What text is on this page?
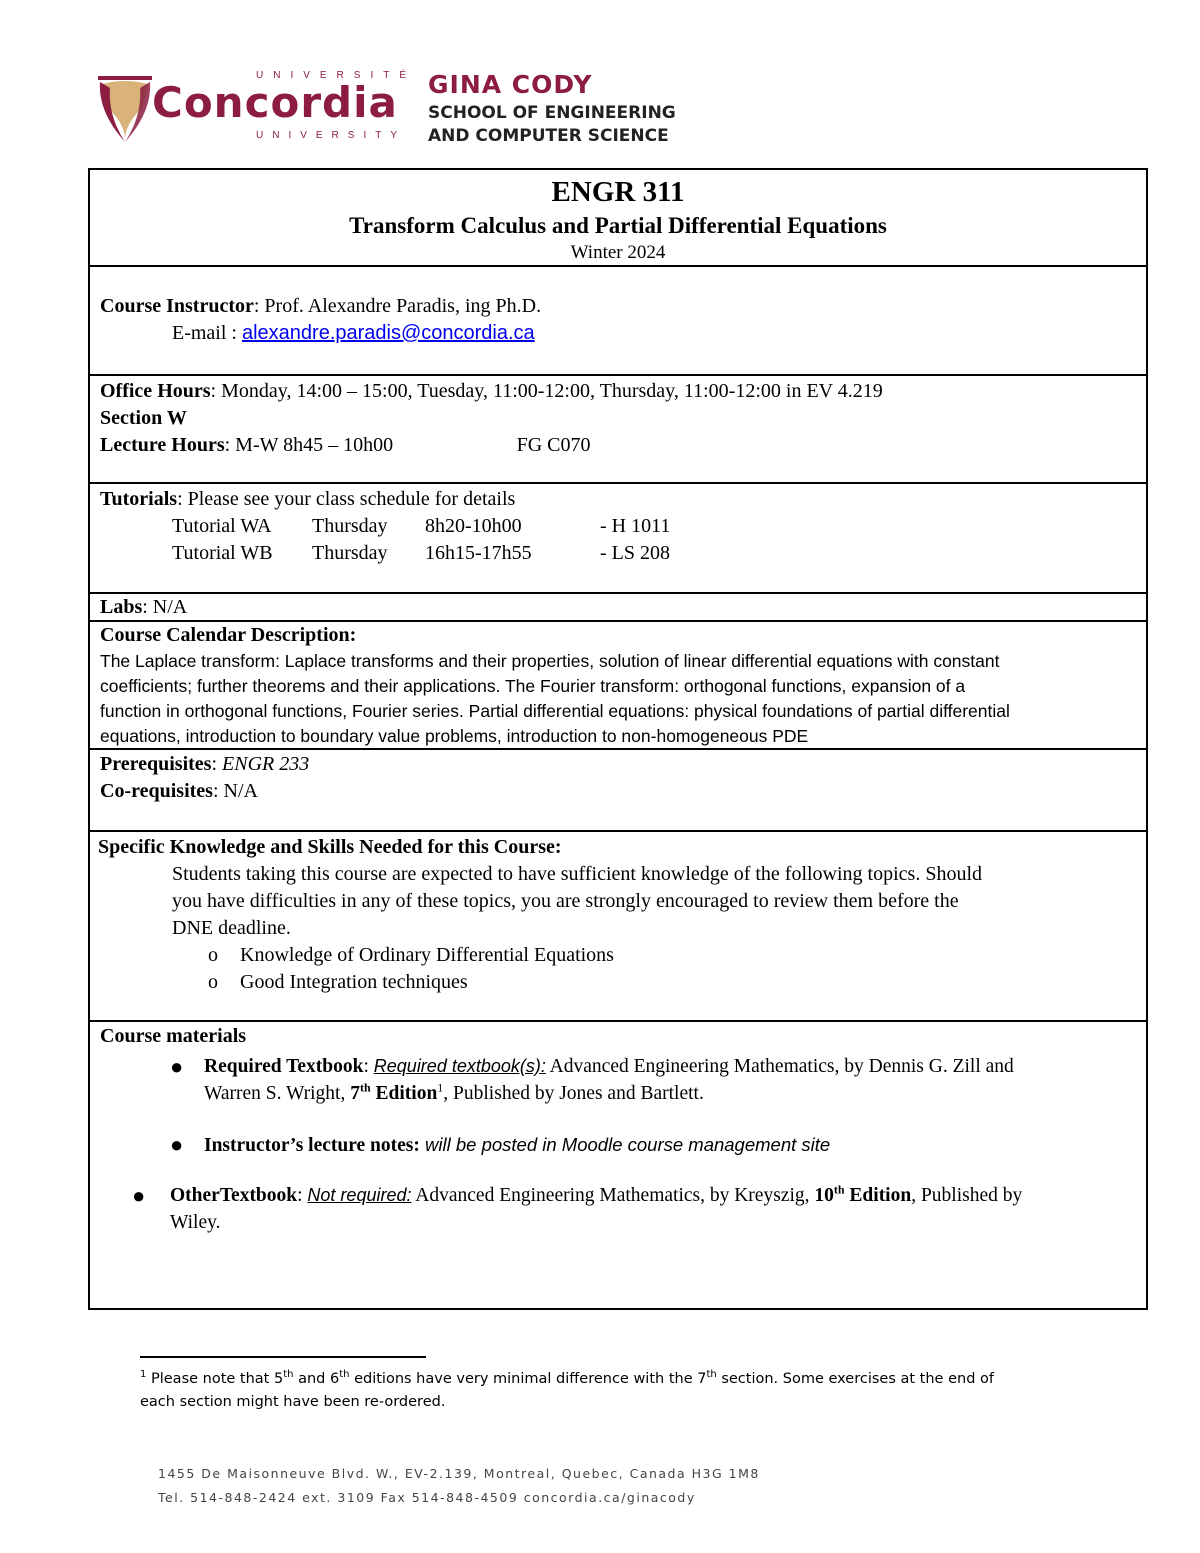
UNIVERSITÉ
Concordia
UNIVERSITY
GINA CODY
SCHOOL OF ENGINEERING
AND COMPUTER SCIENCE
ENGR 311
Transform Calculus and Partial Differential Equations
Winter 2024
Course Instructor: Prof. Alexandre Paradis, ing Ph.D.
E-mail : alexandre.paradis@concordia.ca
Office Hours: Monday, 14:00 – 15:00, Tuesday, 11:00-12:00, Thursday, 11:00-12:00 in EV 4.219
Section W
Lecture Hours: M-W 8h45 – 10h00	FG C070
Tutorials: Please see your class schedule for details
Tutorial WA Thursday 8h20-10h00	- H 1011
Tutorial WB Thursday 16h15-17h55	- LS 208
Labs: N/A
Course Calendar Description:
The Laplace transform: Laplace transforms and their properties, solution of linear differential equations with constant
coefficients; further theorems and their applications. The Fourier transform: orthogonal functions, expansion of a
function in orthogonal functions, Fourier series. Partial differential equations: physical foundations of partial differential
equations, introduction to boundary value problems, introduction to non-homogeneous PDE
Prerequisites: ENGR 233
Co-requisites: N/A
Specific Knowledge and Skills Needed for this Course:
Students taking this course are expected to have sufficient knowledge of the following topics. Should
you have difficulties in any of these topics, you are strongly encouraged to review them before the
DNE deadline.
o Knowledge of Ordinary Differential Equations
o Good Integration techniques
Course materials
● Required Textbook: Required textbook(s): Advanced Engineering Mathematics, by Dennis G. Zill and
Warren S. Wright, 7th Edition$^1$, Published by Jones and Bartlett.
● Instructor’s lecture notes: will be posted in Moodle course management site
● OtherTextbook: Not required: Advanced Engineering Mathematics, by Kreyszig, 10th Edition, Published by
Wiley.
$^1$ Please note that 5th and 6th editions have very minimal difference with the 7th section. Some exercises at the end of
each section might have been re-ordered.
1455 De Maisonneuve Blvd. W., EV-2.139, Montreal, Quebec, Canada H3G 1M8
Tel. 514-848-2424 ext. 3109 Fax 514-848-4509 concordia.ca/ginacody
